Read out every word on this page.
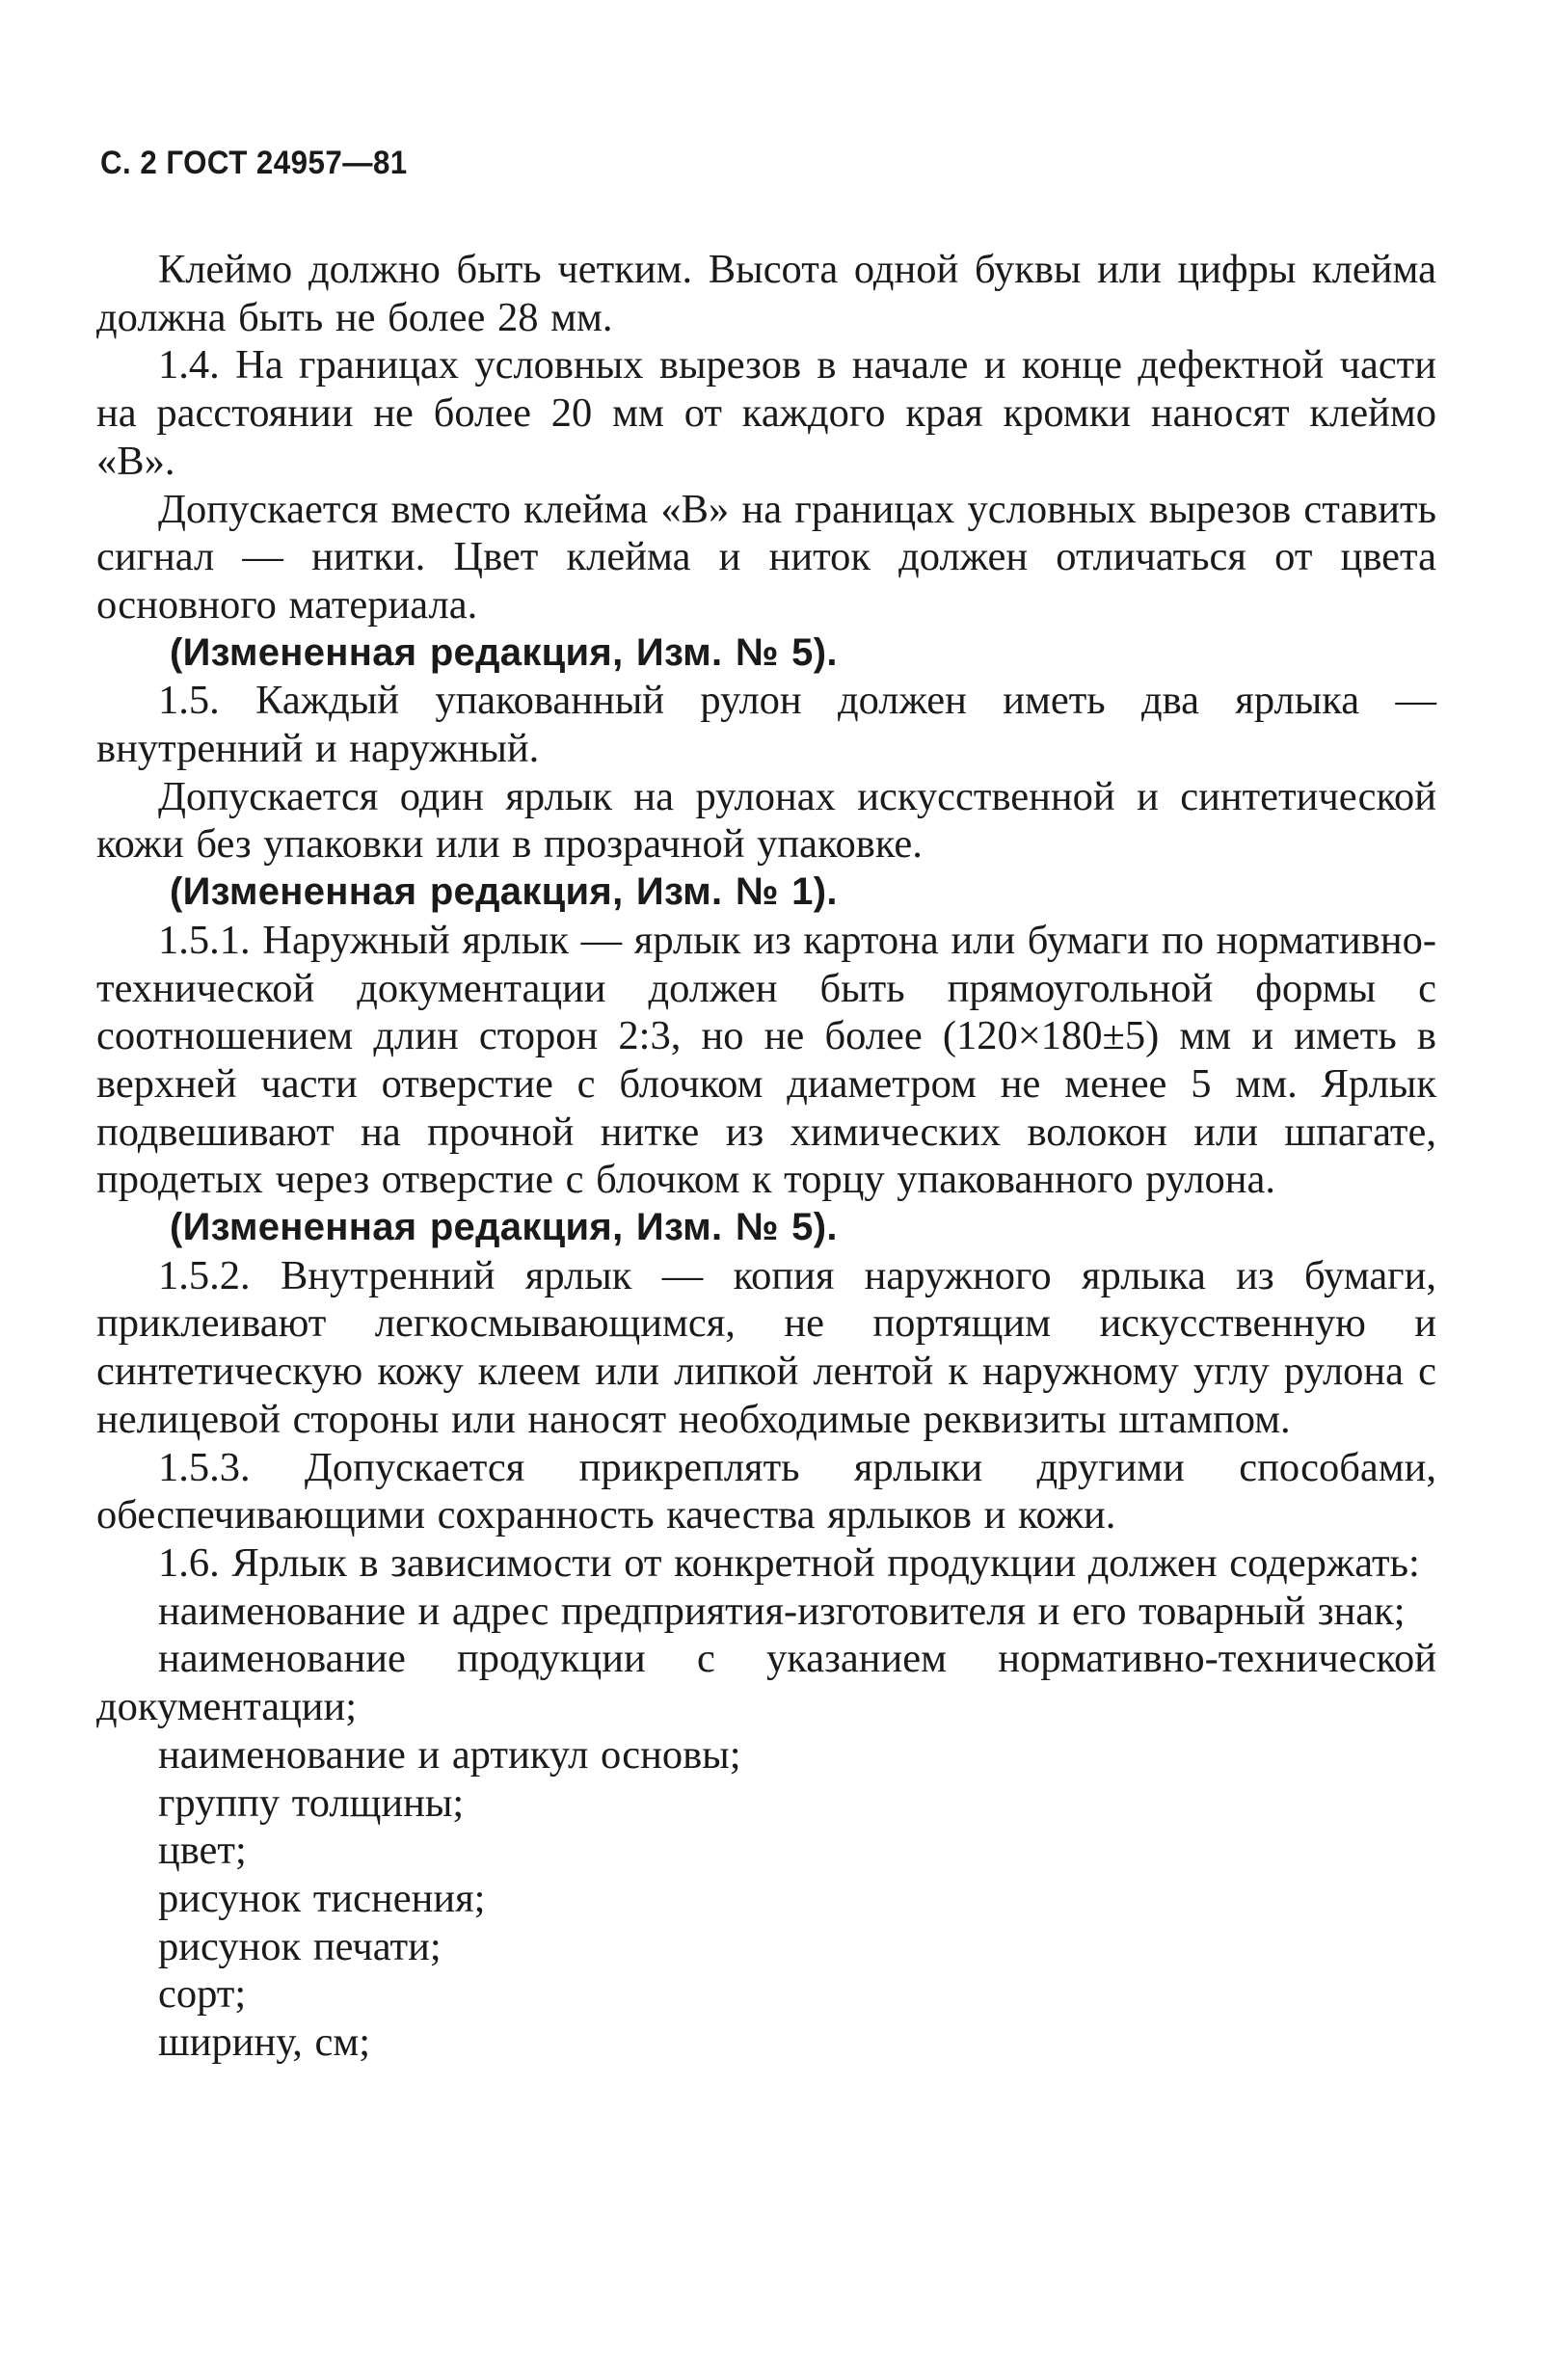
С. 2 ГОСТ 24957—81

Клеймо должно быть четким. Высота одной буквы или цифры клейма должна быть не более 28 мм.

1.4. На границах условных вырезов в начале и конце дефектной части на расстоянии не более 20 мм от каждого края кромки наносят клеймо «В».

Допускается вместо клейма «В» на границах условных вырезов ставить сигнал — нитки. Цвет клейма и ниток должен отличаться от цвета основного материала.

(Измененная редакция, Изм. № 5).

1.5. Каждый упакованный рулон должен иметь два ярлыка — внутренний и наружный.

Допускается один ярлык на рулонах искусственной и синтетической кожи без упаковки или в прозрачной упаковке.

(Измененная редакция, Изм. № 1).

1.5.1. Наружный ярлык — ярлык из картона или бумаги по нормативно-технической документации должен быть прямоугольной формы с соотношением длин сторон 2:3, но не более (120×180±5) мм и иметь в верхней части отверстие с блочком диаметром не менее 5 мм. Ярлык подвешивают на прочной нитке из химических волокон или шпагате, продетых через отверстие с блочком к торцу упакованного рулона.

(Измененная редакция, Изм. № 5).

1.5.2. Внутренний ярлык — копия наружного ярлыка из бумаги, приклеивают легкосмывающимся, не портящим искусственную и синтетическую кожу клеем или липкой лентой к наружному углу рулона с нелицевой стороны или наносят необходимые реквизиты штампом.

1.5.3. Допускается прикреплять ярлыки другими способами, обеспечивающими сохранность качества ярлыков и кожи.

1.6. Ярлык в зависимости от конкретной продукции должен содержать:

наименование и адрес предприятия-изготовителя и его товарный знак;

наименование продукции с указанием нормативно-технической документации;

наименование и артикул основы;

группу толщины;

цвет;

рисунок тиснения;

рисунок печати;

сорт;

ширину, см;
